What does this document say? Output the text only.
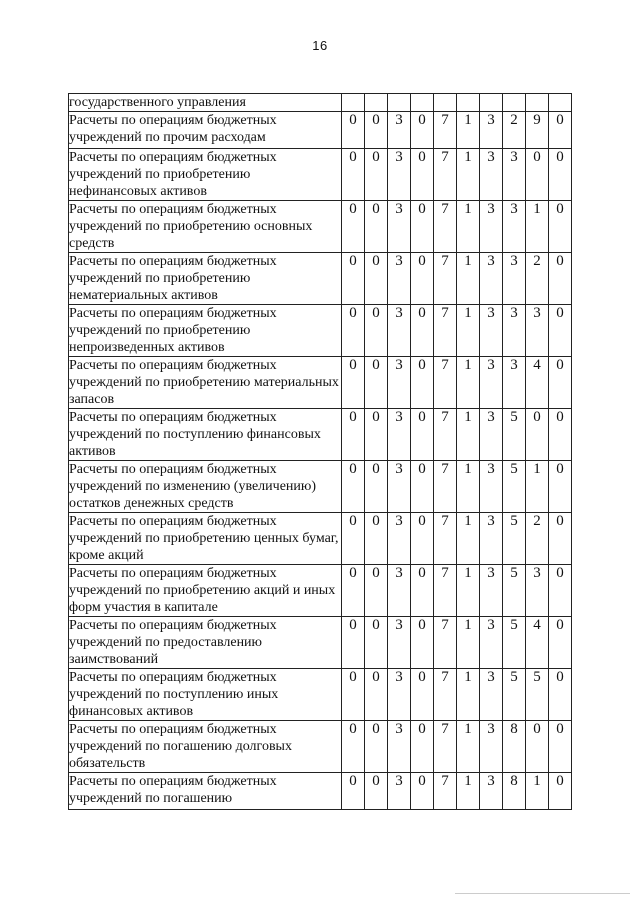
16
государственного управления										
Расчеты по операциям бюджетных учреждений по прочим расходам	0	0	3	0	7	1	3	2	9	0
Расчеты по операциям бюджетных учреждений по приобретению нефинансовых активов	0	0	3	0	7	1	3	3	0	0
Расчеты по операциям бюджетных учреждений по приобретению основных средств	0	0	3	0	7	1	3	3	1	0
Расчеты по операциям бюджетных учреждений по приобретению нематериальных активов	0	0	3	0	7	1	3	3	2	0
Расчеты по операциям бюджетных учреждений по приобретению непроизведенных активов	0	0	3	0	7	1	3	3	3	0
Расчеты по операциям бюджетных учреждений по приобретению материальных запасов	0	0	3	0	7	1	3	3	4	0
Расчеты по операциям бюджетных учреждений по поступлению финансовых активов	0	0	3	0	7	1	3	5	0	0
Расчеты по операциям бюджетных учреждений по изменению (увеличению) остатков денежных средств	0	0	3	0	7	1	3	5	1	0
Расчеты по операциям бюджетных учреждений по приобретению ценных бумаг, кроме акций	0	0	3	0	7	1	3	5	2	0
Расчеты по операциям бюджетных учреждений по приобретению акций и иных форм участия в капитале	0	0	3	0	7	1	3	5	3	0
Расчеты по операциям бюджетных учреждений по предоставлению заимствований	0	0	3	0	7	1	3	5	4	0
Расчеты по операциям бюджетных учреждений по поступлению иных финансовых активов	0	0	3	0	7	1	3	5	5	0
Расчеты по операциям бюджетных учреждений по погашению долговых обязательств	0	0	3	0	7	1	3	8	0	0
Расчеты по операциям бюджетных учреждений по погашению	0	0	3	0	7	1	3	8	1	0
